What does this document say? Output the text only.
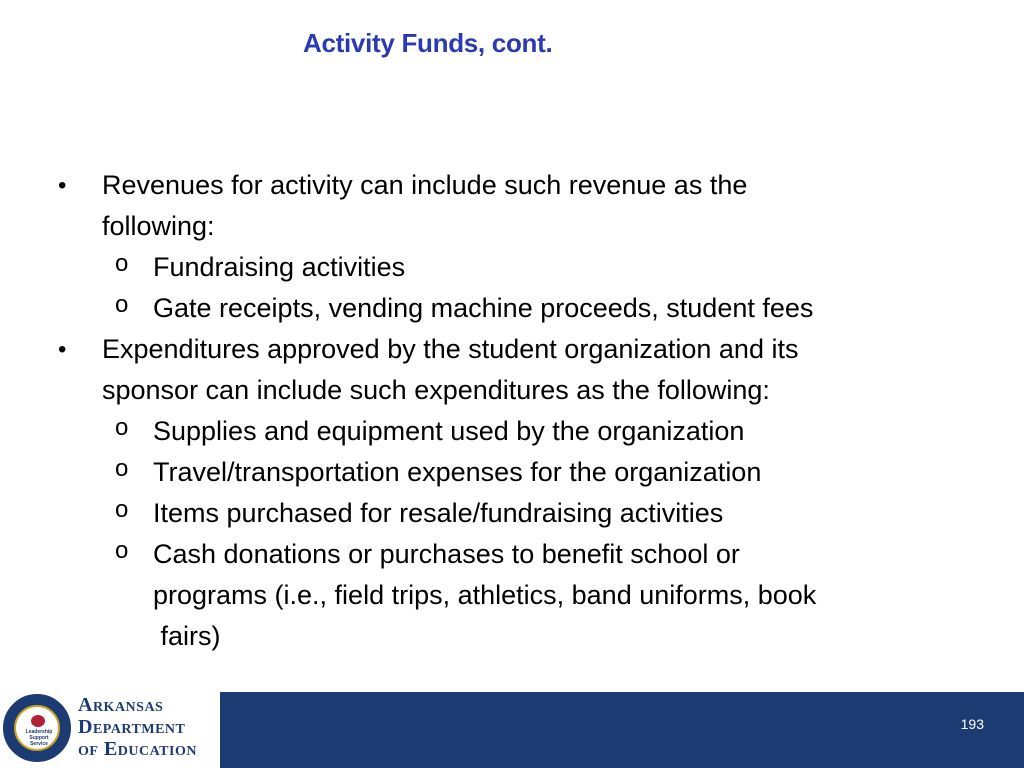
Activity Funds, cont.
• Revenues for activity can include such revenue as the
following:
o Fundraising activities
o Gate receipts, vending machine proceeds, student fees
• Expenditures approved by the student organization and its
sponsor can include such expenditures as the following:
o Supplies and equipment used by the organization
o Travel/transportation expenses for the organization
o Items purchased for resale/fundraising activities
o Cash donations or purchases to benefit school or
programs (i.e., field trips, athletics, band uniforms, book
fairs)
Leadership Support Service
Arkansas
Department
of Education
193
